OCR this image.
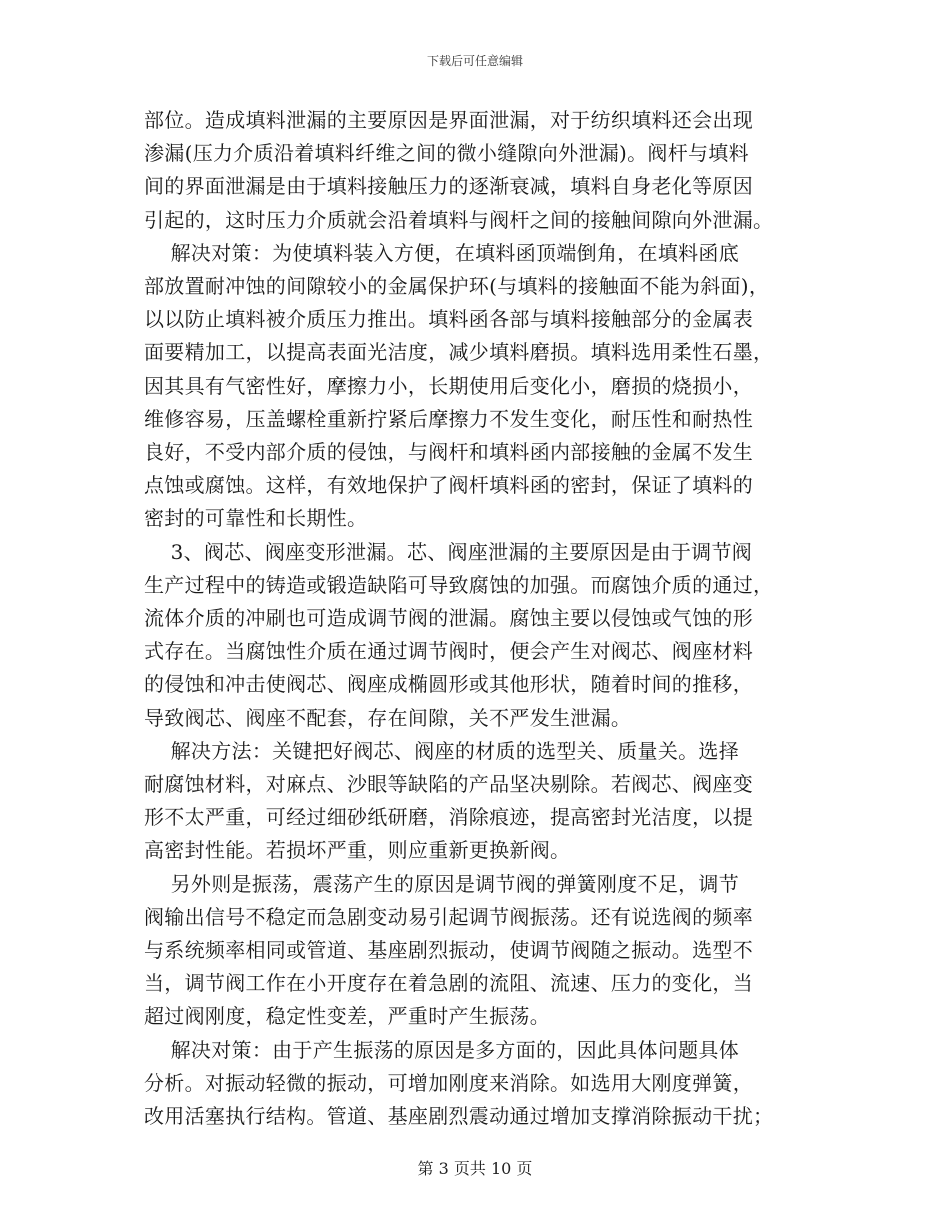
下载后可任意编辑

部位。造成填料泄漏的主要原因是界面泄漏，对于纺织填料还会出现
渗漏(压力介质沿着填料纤维之间的微小缝隙向外泄漏)。阀杆与填料
间的界面泄漏是由于填料接触压力的逐渐衰减，填料自身老化等原因
引起的，这时压力介质就会沿着填料与阀杆之间的接触间隙向外泄漏。

解决对策：为使填料装入方便，在填料函顶端倒角，在填料函底
部放置耐冲蚀的间隙较小的金属保护环(与填料的接触面不能为斜面)，
以以防止填料被介质压力推出。填料函各部与填料接触部分的金属表
面要精加工，以提高表面光洁度，减少填料磨损。填料选用柔性石墨，
因其具有气密性好，摩擦力小，长期使用后变化小，磨损的烧损小，
维修容易，压盖螺栓重新拧紧后摩擦力不发生变化，耐压性和耐热性
良好，不受内部介质的侵蚀，与阀杆和填料函内部接触的金属不发生
点蚀或腐蚀。这样，有效地保护了阀杆填料函的密封，保证了填料的
密封的可靠性和长期性。

3、阀芯、阀座变形泄漏。芯、阀座泄漏的主要原因是由于调节阀
生产过程中的铸造或锻造缺陷可导致腐蚀的加强。而腐蚀介质的通过，
流体介质的冲刷也可造成调节阀的泄漏。腐蚀主要以侵蚀或气蚀的形
式存在。当腐蚀性介质在通过调节阀时，便会产生对阀芯、阀座材料
的侵蚀和冲击使阀芯、阀座成椭圆形或其他形状，随着时间的推移，
导致阀芯、阀座不配套，存在间隙，关不严发生泄漏。

解决方法：关键把好阀芯、阀座的材质的选型关、质量关。选择
耐腐蚀材料，对麻点、沙眼等缺陷的产品坚决剔除。若阀芯、阀座变
形不太严重，可经过细砂纸研磨，消除痕迹，提高密封光洁度，以提
高密封性能。若损坏严重，则应重新更换新阀。

另外则是振荡，震荡产生的原因是调节阀的弹簧刚度不足，调节
阀输出信号不稳定而急剧变动易引起调节阀振荡。还有说选阀的频率
与系统频率相同或管道、基座剧烈振动，使调节阀随之振动。选型不
当，调节阀工作在小开度存在着急剧的流阻、流速、压力的变化，当
超过阀刚度，稳定性变差，严重时产生振荡。

解决对策：由于产生振荡的原因是多方面的，因此具体问题具体
分析。对振动轻微的振动，可增加刚度来消除。如选用大刚度弹簧，
改用活塞执行结构。管道、基座剧烈震动通过增加支撑消除振动干扰；

第 3 页共 10 页
